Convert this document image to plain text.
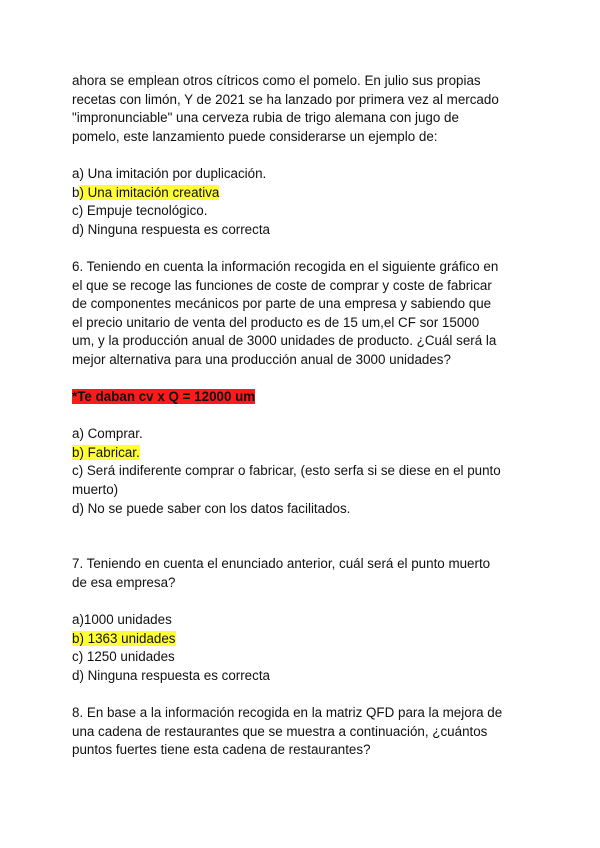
ahora se emplean otros cítricos como el pomelo. En julio sus propias
recetas con limón, Y de 2021 se ha lanzado por primera vez al mercado
"impronunciable" una cerveza rubia de trigo alemana con jugo de
pomelo, este lanzamiento puede considerarse un ejemplo de:
a) Una imitación por duplicación.
b) Una imitación creativa
c) Empuje tecnológico.
d) Ninguna respuesta es correcta
6. Teniendo en cuenta la información recogida en el siguiente gráfico en
el que se recoge las funciones de coste de comprar y coste de fabricar
de componentes mecánicos por parte de una empresa y sabiendo que
el precio unitario de venta del producto es de 15 um,el CF sor 15000
um, y la producción anual de 3000 unidades de producto. ¿Cuál será la
mejor alternativa para una producción anual de 3000 unidades?
*Te daban cv x Q = 12000 um
a) Comprar.
b) Fabricar.
c) Será indiferente comprar o fabricar, (esto serfa si se diese en el punto
muerto)
d) No se puede saber con los datos facilitados.
7. Teniendo en cuenta el enunciado anterior, cuál será el punto muerto
de esa empresa?
a)1000 unidades
b) 1363 unidades
c) 1250 unidades
d) Ninguna respuesta es correcta
8. En base a la información recogida en la matriz QFD para la mejora de
una cadena de restaurantes que se muestra a continuación, ¿cuántos
puntos fuertes tiene esta cadena de restaurantes?
